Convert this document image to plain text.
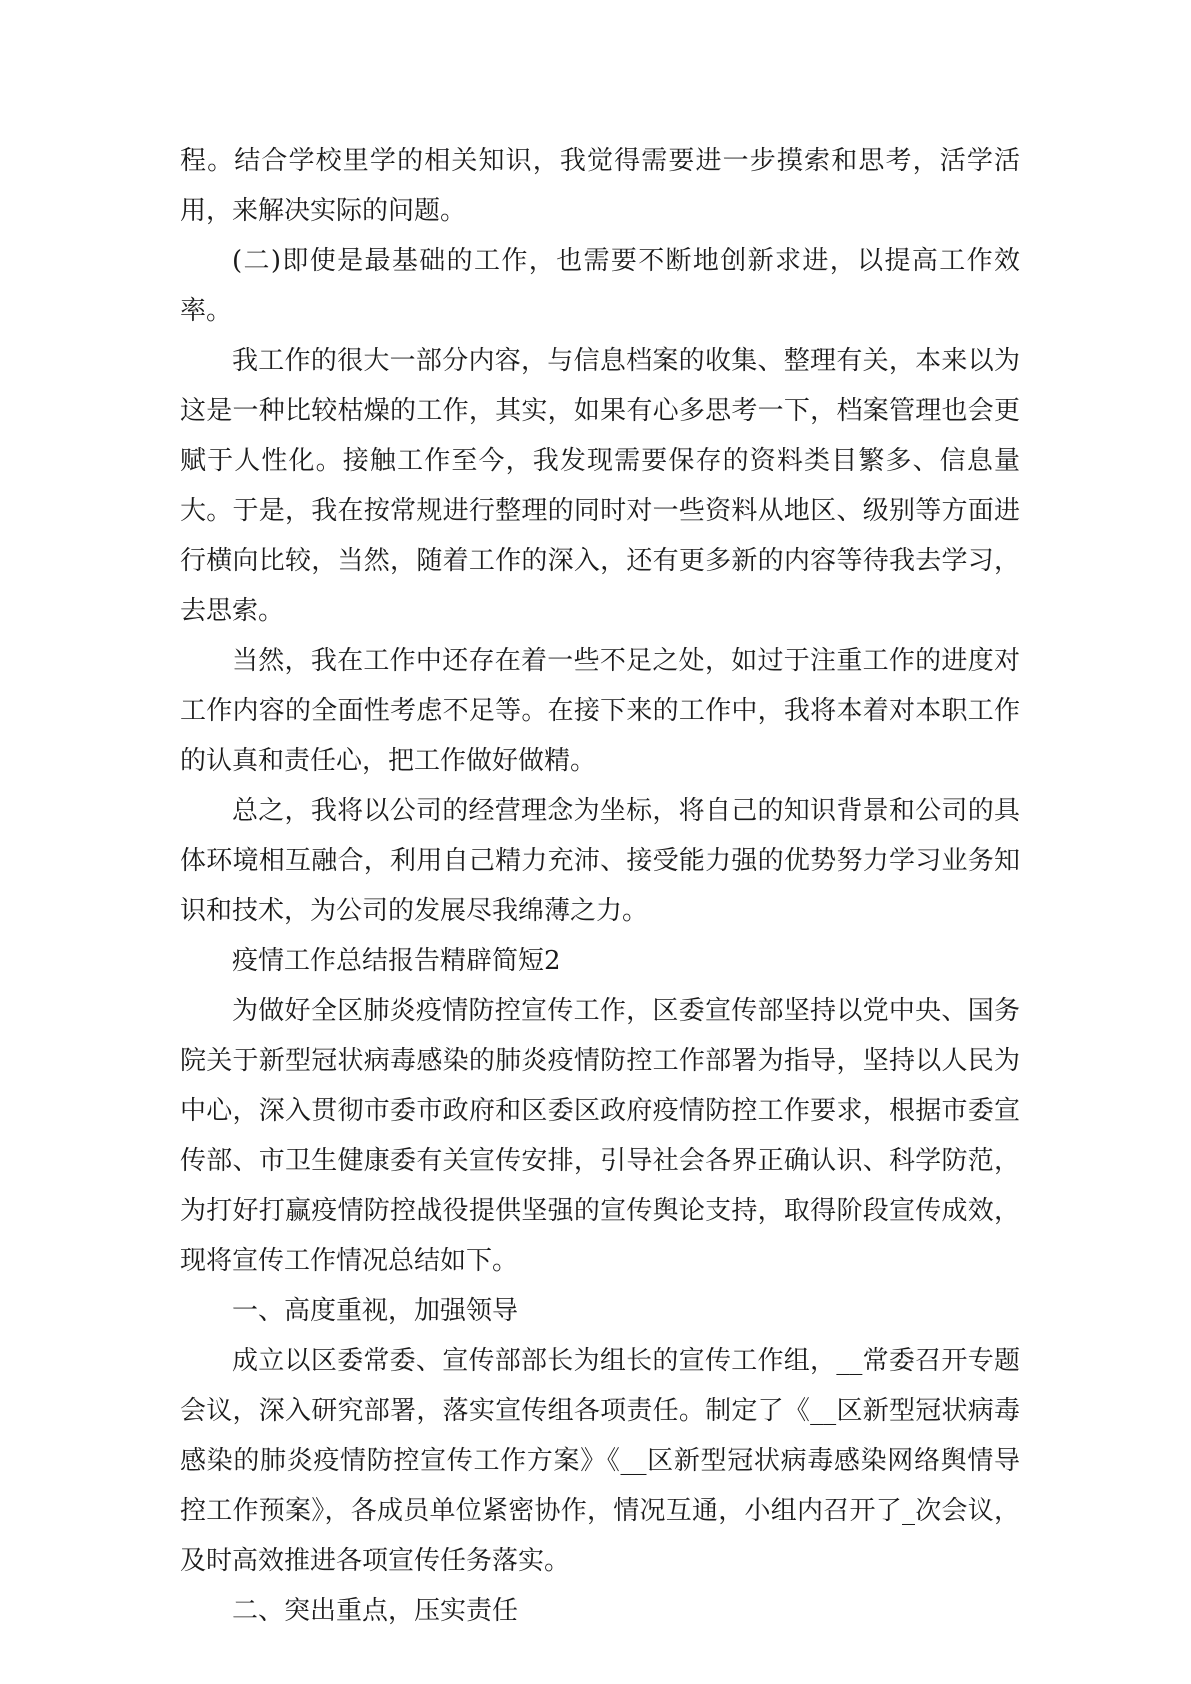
程。结合学校里学的相关知识，我觉得需要进一步摸索和思考，活学活用，来解决实际的问题。

(二)即使是最基础的工作，也需要不断地创新求进，以提高工作效率。

我工作的很大一部分内容，与信息档案的收集、整理有关，本来以为这是一种比较枯燥的工作，其实，如果有心多思考一下，档案管理也会更赋于人性化。接触工作至今，我发现需要保存的资料类目繁多、信息量大。于是，我在按常规进行整理的同时对一些资料从地区、级别等方面进行横向比较，当然，随着工作的深入，还有更多新的内容等待我去学习，去思索。

当然，我在工作中还存在着一些不足之处，如过于注重工作的进度对工作内容的全面性考虑不足等。在接下来的工作中，我将本着对本职工作的认真和责任心，把工作做好做精。

总之，我将以公司的经营理念为坐标，将自己的知识背景和公司的具体环境相互融合，利用自己精力充沛、接受能力强的优势努力学习业务知识和技术，为公司的发展尽我绵薄之力。

疫情工作总结报告精辟简短2

为做好全区肺炎疫情防控宣传工作，区委宣传部坚持以党中央、国务院关于新型冠状病毒感染的肺炎疫情防控工作部署为指导，坚持以人民为中心，深入贯彻市委市政府和区委区政府疫情防控工作要求，根据市委宣传部、市卫生健康委有关宣传安排，引导社会各界正确认识、科学防范，为打好打赢疫情防控战役提供坚强的宣传舆论支持，取得阶段宣传成效，现将宣传工作情况总结如下。

一、高度重视，加强领导

成立以区委常委、宣传部部长为组长的宣传工作组，__常委召开专题会议，深入研究部署，落实宣传组各项责任。制定了《__区新型冠状病毒感染的肺炎疫情防控宣传工作方案》《__区新型冠状病毒感染网络舆情导控工作预案》，各成员单位紧密协作，情况互通，小组内召开了_次会议，及时高效推进各项宣传任务落实。

二、突出重点，压实责任
